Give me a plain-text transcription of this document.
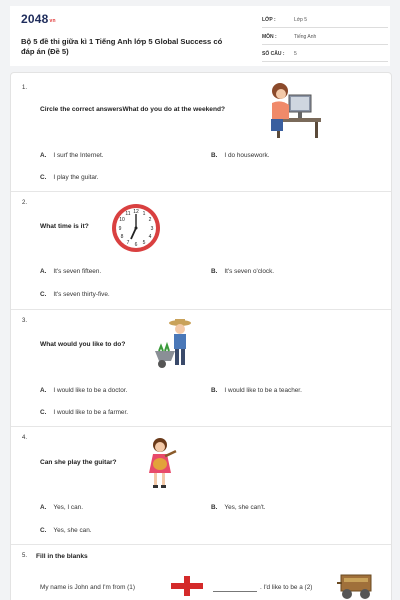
2048vn
Bộ 5 đề thi giữa kì 1 Tiếng Anh lớp 5 Global Success có đáp án (Đề 5)
LỚP :	Lớp 5
MÔN :	Tiếng Anh
SỐ CÂU : 5
1.
Circle the correct answersWhat do you do at the weekend?
A. I surf the Internet.	B. I do housework.
C. I play the guitar.
2.
What time is it?
12 1
2
3
4
5
6
7
8
9
10
11
A. It's seven fifteen.	B. It's seven o'clock.
C. It's seven thirty-five.
3.
What would you like to do?
A. I would like to be a doctor.	B. I would like to be a teacher.
C. I would like to be a farmer.
4.
Can she play the guitar?
A. Yes, I can.	B. Yes, she can't.
C. Yes, she can.
5. Fill in the blanks
My name is John and I'm from (1)	. I'd like to be a (2)
